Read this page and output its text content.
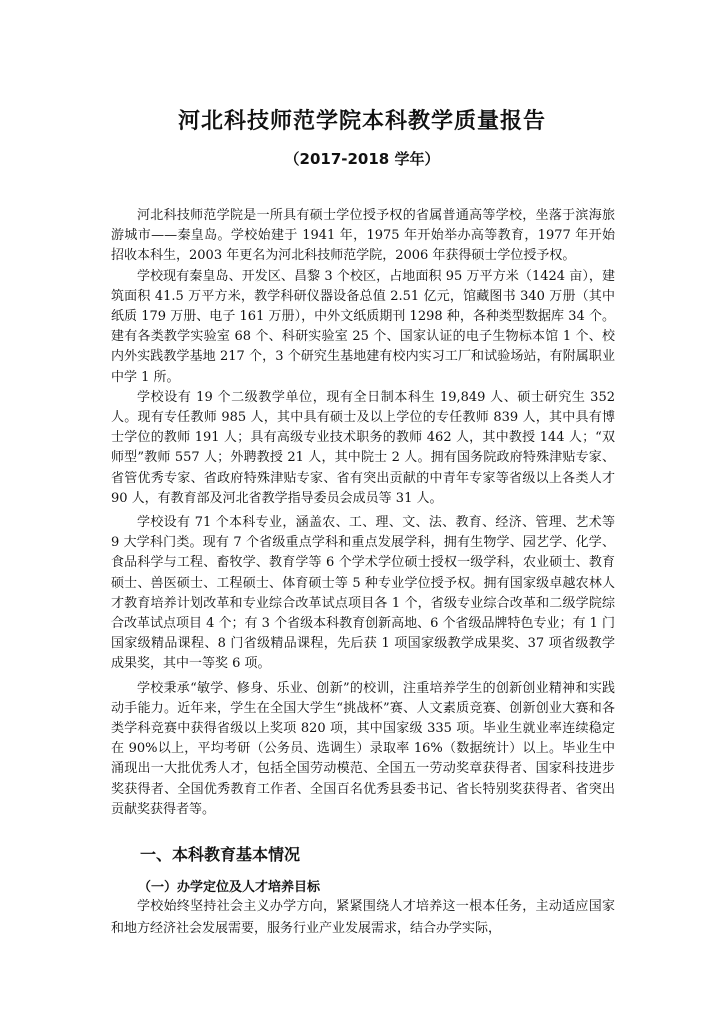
河北科技师范学院本科教学质量报告
（2017-2018 学年）

河北科技师范学院是一所具有硕士学位授予权的省属普通高等学校，坐落于滨海旅游城市——秦皇岛。学校始建于 1941 年，1975 年开始举办高等教育，1977 年开始招收本科生，2003 年更名为河北科技师范学院，2006 年获得硕士学位授予权。

学校现有秦皇岛、开发区、昌黎 3 个校区，占地面积 95 万平方米（1424 亩），建筑面积 41.5 万平方米，教学科研仪器设备总值 2.51 亿元，馆藏图书 340 万册（其中纸质 179 万册、电子 161 万册），中外文纸质期刊 1298 种，各种类型数据库 34 个。建有各类教学实验室 68 个、科研实验室 25 个、国家认证的电子生物标本馆 1 个、校内外实践教学基地 217 个，3 个研究生基地建有校内实习工厂和试验场站，有附属职业中学 1 所。

学校设有 19 个二级教学单位，现有全日制本科生 19,849 人、硕士研究生 352 人。现有专任教师 985 人，其中具有硕士及以上学位的专任教师 839 人，其中具有博士学位的教师 191 人；具有高级专业技术职务的教师 462 人，其中教授 144 人；“双师型”教师 557 人；外聘教授 21 人，其中院士 2 人。拥有国务院政府特殊津贴专家、省管优秀专家、省政府特殊津贴专家、省有突出贡献的中青年专家等省级以上各类人才 90 人，有教育部及河北省教学指导委员会成员等 31 人。

学校设有 71 个本科专业，涵盖农、工、理、文、法、教育、经济、管理、艺术等 9 大学科门类。现有 7 个省级重点学科和重点发展学科，拥有生物学、园艺学、化学、食品科学与工程、畜牧学、教育学等 6 个学术学位硕士授权一级学科，农业硕士、教育硕士、兽医硕士、工程硕士、体育硕士等 5 种专业学位授予权。拥有国家级卓越农林人才教育培养计划改革和专业综合改革试点项目各 1 个，省级专业综合改革和二级学院综合改革试点项目 4 个；有 3 个省级本科教育创新高地、6 个省级品牌特色专业；有 1 门国家级精品课程、8 门省级精品课程，先后获 1 项国家级教学成果奖、37 项省级教学成果奖，其中一等奖 6 项。

学校秉承“敏学、修身、乐业、创新”的校训，注重培养学生的创新创业精神和实践动手能力。近年来，学生在全国大学生“挑战杯”赛、人文素质竞赛、创新创业大赛和各类学科竞赛中获得省级以上奖项 820 项，其中国家级 335 项。毕业生就业率连续稳定在 90%以上，平均考研（公务员、选调生）录取率 16%（数据统计）以上。毕业生中涌现出一大批优秀人才，包括全国劳动模范、全国五一劳动奖章获得者、国家科技进步奖获得者、全国优秀教育工作者、全国百名优秀县委书记、省长特别奖获得者、省突出贡献奖获得者等。

一、本科教育基本情况
（一）办学定位及人才培养目标

学校始终坚持社会主义办学方向，紧紧围绕人才培养这一根本任务，主动适应国家和地方经济社会发展需要，服务行业产业发展需求，结合办学实际，
